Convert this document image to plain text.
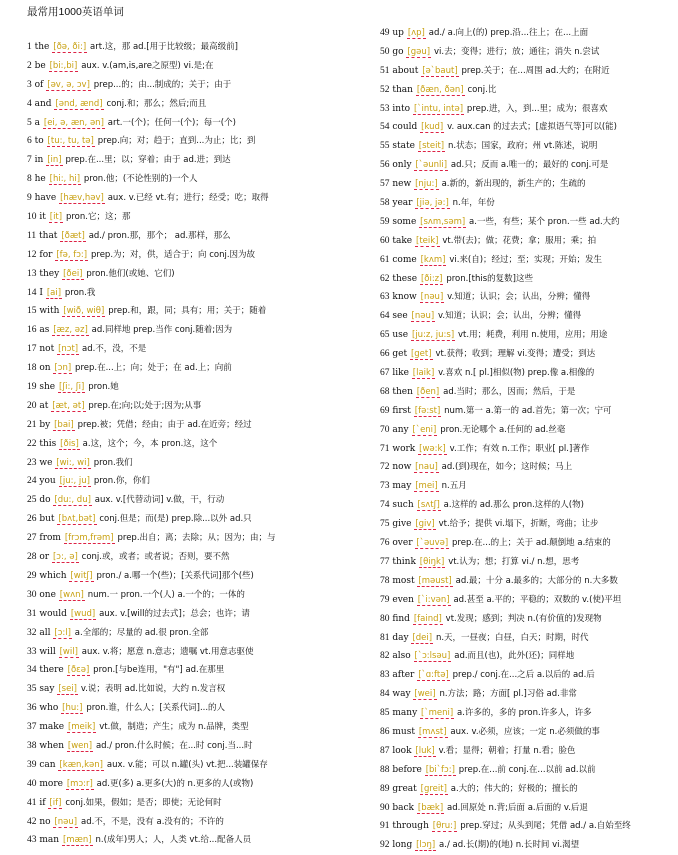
最常用1000英语单词
1 the [ðə, ði:] art.这，那 ad.[用于比较级；最高级前]
2 be [bi:,bi] aux. v.(am,is,are之原型) vi.是;在
3 of [əv, ə, ɔv] prep...的；由...制成的；关于；由于
4 and [ənd, ænd] conj.和；那么；然后;而且
5 a [ei, ə, æn, ən] art.一(个)；任何一(个)；每一(个)
6 to [tu:, tu, tə] prep.向；对；趋于；直到...为止；比；到
7 in [in] prep.在...里；以；穿着；由于 ad.进；到达
8 he [hi:, hi] pron.他；(不论性别的)一个人
9 have [hæv,həv] aux. v.已经 vt.有；进行；经受；吃；取得
10 it [it] pron.它；这；那
11 that [ðæt] ad./ pron.那，那个； ad.那样，那么
12 for [fə, fɔ:] prep.为；对，供，适合于；向 conj.因为故
13 they [ðei] pron.他们(或她、它们)
14 I [ai] pron.我
15 with [wið, wiθ] prep.和，跟，同；具有；用；关于；随着
16 as [æz, əz] ad.同样地 prep.当作 conj.随着;因为
17 not [nɔt] ad.不，没，不是
18 on [ɔn] prep.在...上；向；处于；在 ad.上；向前
19 she [ʃi:, ʃi] pron.她
20 at [æt, ət] prep.在;向;以;处于;因为;从事
21 by [bai] prep.被；凭借；经由；由于 ad.在近旁；经过
22 this [ðis] a.这，这个；今，本 pron.这，这个
23 we [wi:, wi] pron.我们
24 you [ju:, ju] pron.你，你们
25 do [du:, du] aux. v.[代替动词] v.做，干，行动
26 but [bʌt,bət] conj.但是；而(是) prep.除...以外 ad.只
27 from [frɔm,frəm] prep.出自；离；去除；从；因为；由；与
28 or [ɔ:, ə] conj.或，或者；或者说；否则，要不然
29 which [witʃ] pron./ a.哪一个(些)；[关系代词]那个(些)
30 one [wʌn] num.一 pron.一个(人) a.一个的；一体的
31 would [wud] aux. v.[will的过去式]；总会；也许；请
32 all [ɔ:l] a.全部的；尽量的 ad.很 pron.全部
33 will [wil] aux. v.将；愿意 n.意志；遗嘱 vt.用意志驱使
34 there [ðεə] pron.[与be连用，"有"] ad.在那里
35 say [sei] v.说；表明 ad.比如说，大约 n.发言权
36 who [hu:] pron.谁，什么人；[关系代词]...的人
37 make [meik] vt.做，制造；产生；成为 n.品牌，类型
38 when [wen] ad./ pron.什么时候；在...时 conj.当...时
39 can [kæn,kən] aux. v.能；可以 n.罐(头) vt.把...装罐保存
40 more [mɔ:r] ad.更(多) a.更多(大)的 n.更多的人(或物)
41 if [if] conj.如果，假如；是否；即使；无论何时
42 no [nəu] ad.不，不是，没有 a.没有的；不许的
43 man [mæn] n.(成年)男人；人，人类 vt.给...配备人员
49 up [ʌp] ad./ a.向上(的) prep.沿...往上；在...上面
50 go [gəu] vi.去；变得；进行；放；通往；消失 n.尝试
51 about [ə`baut] prep.关于；在...周围 ad.大约；在附近
52 than [ðæn, ðən] conj.比
53 into [`intu, intə] prep.进，入，到...里；成为；很喜欢
54 could [kud] v. aux.can 的过去式；[虚拟语气等]可以(能)
55 state [steit] n.状态；国家，政府；州 vt.陈述，说明
56 only [`əunli] ad.只；反而 a.唯一的；最好的 conj.可是
57 new [nju:] a.新的，新出现的，新生产的；生疏的
58 year [jiə, jə:] n.年，年份
59 some [sʌm,səm] a.一些，有些；某个 pron.一些 ad.大约
60 take [teik] vt.带(去)；做；花费；拿；服用；乘；拍
61 come [kʌm] vi.来(自)；经过；至；实现；开始；发生
62 these [ði:z] pron.[this的复数]这些
63 know [nəu] v.知道；认识；会；认出，分辨；懂得
64 see [nəu] v.知道；认识；会；认出，分辨；懂得
65 use [ju:z, ju:s] vt.用；耗费，利用 n.使用，应用；用途
66 get [get] vt.获得；收到；理解 vi.变得；遭受；到达
67 like [laik] v.喜欢 n.[ pl.]相似(物) prep.像 a.相像的
68 then [ðen] ad.当时；那么，因而；然后，于是
69 first [fə:st] num.第一 a.第一的 ad.首先；第一次；宁可
70 any [`eni] pron.无论哪个 a.任何的 ad.丝毫
71 work [wə:k] v.工作；有效 n.工作；职业[ pl.]著作
72 now [nau] ad.(到)现在，如今；这时候；马上
73 may [mei] n.五月
74 such [sʌtʃ] a.这样的 ad.那么 pron.这样的人(物)
75 give [giv] vt.给予；提供 vi.塌下，折断，弯曲；让步
76 over [`əuvə] prep.在...的上；关于 ad.颠倒地 a.结束的
77 think [θiŋk] vt.认为；想；打算 vi./ n.想，思考
78 most [məust] ad.最；十分 a.最多的；大部分的 n.大多数
79 even [`i:vən] ad.甚至 a.平的；平稳的；双数的 v.(使)平坦
80 find [faind] vt.发现；感到；判决 n.(有价值的)发现物
81 day [dei] n.天，一昼夜；白昼，白天；时期，时代
82 also [`ɔ:lsəu] ad.而且(也)，此外(还)；同样地
83 after [`ɑ:ftə] prep./ conj.在...之后 a.以后的 ad.后
84 way [wei] n.方法；路；方面[ pl.]习俗 ad.非常
85 many [`meni] a.许多的，多的 pron.许多人，许多
86 must [mʌst] aux. v.必须，应该；一定 n.必须做的事
87 look [luk] v.看；显得；朝着；打量 n.看；脸色
88 before [bi`fɔ:] prep.在...前 conj.在...以前 ad.以前
89 great [greit] a.大的；伟大的；好极的；擅长的
90 back [bæk] ad.回原处 n.背;后面 a.后面的 v.后退
91 through [θru:] prep.穿过；从头到尾；凭借 ad./ a.自始至终
92 long [lɔŋ] a./ ad.长(期)的(地) n.长时间 vi.渴望
